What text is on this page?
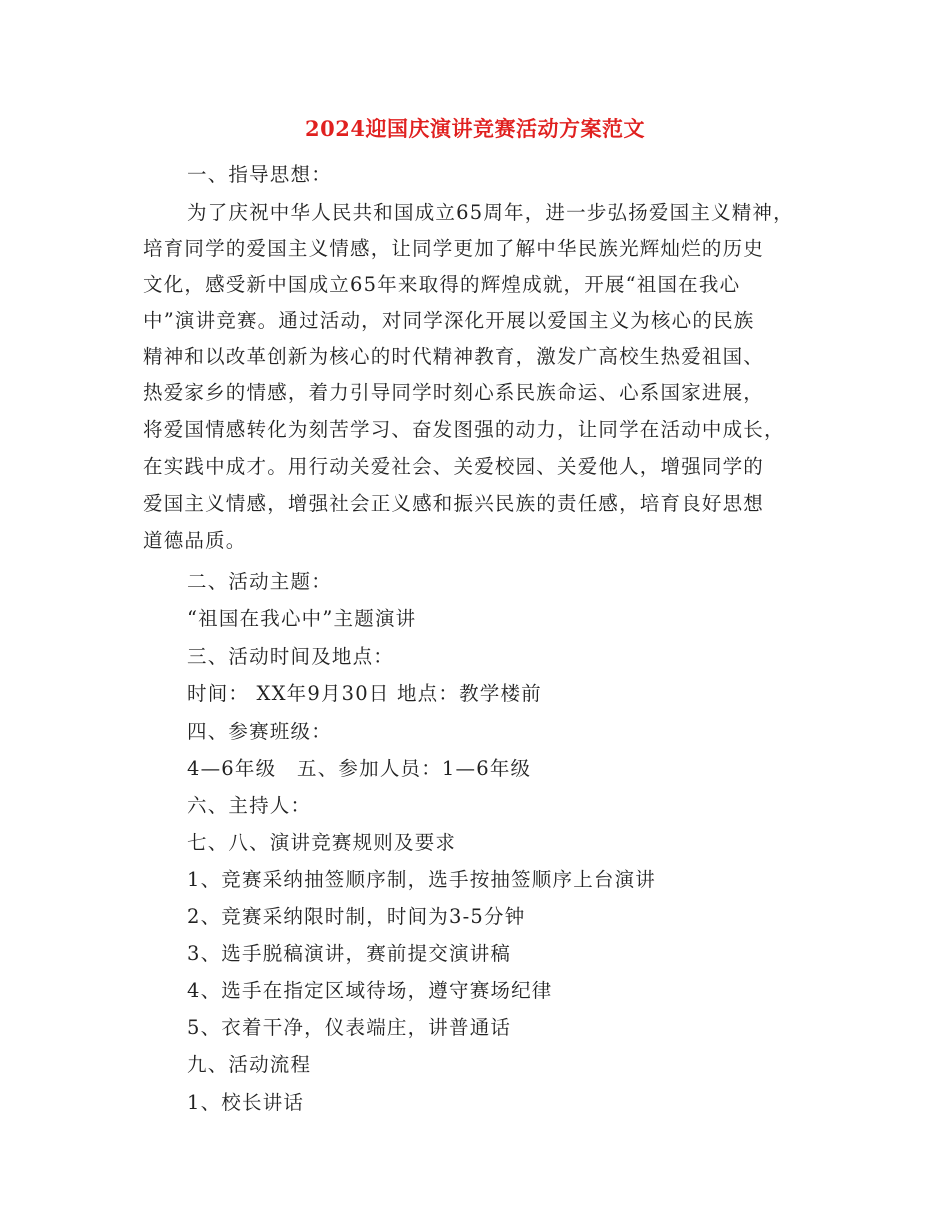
2024迎国庆演讲竞赛活动方案范文
一、指导思想：
为了庆祝中华人民共和国成立65周年，进一步弘扬爱国主义精神，
培育同学的爱国主义情感，让同学更加了解中华民族光辉灿烂的历史
文化，感受新中国成立65年来取得的辉煌成就，开展“祖国在我心
中”演讲竞赛。通过活动，对同学深化开展以爱国主义为核心的民族
精神和以改革创新为核心的时代精神教育，激发广高校生热爱祖国、
热爱家乡的情感，着力引导同学时刻心系民族命运、心系国家进展，
将爱国情感转化为刻苦学习、奋发图强的动力，让同学在活动中成长，
在实践中成才。用行动关爱社会、关爱校园、关爱他人，增强同学的
爱国主义情感，增强社会正义感和振兴民族的责任感，培育良好思想
道德品质。
二、活动主题：
“祖国在我心中”主题演讲
三、活动时间及地点：
时间： XX年9月30日 地点：教学楼前
四、参赛班级：
4—6年级　五、参加人员：1—6年级
六、主持人：
七、八、演讲竞赛规则及要求
1、竞赛采纳抽签顺序制，选手按抽签顺序上台演讲
2、竞赛采纳限时制，时间为3-5分钟
3、选手脱稿演讲，赛前提交演讲稿
4、选手在指定区域待场，遵守赛场纪律
5、衣着干净，仪表端庄，讲普通话
九、活动流程
1、校长讲话
